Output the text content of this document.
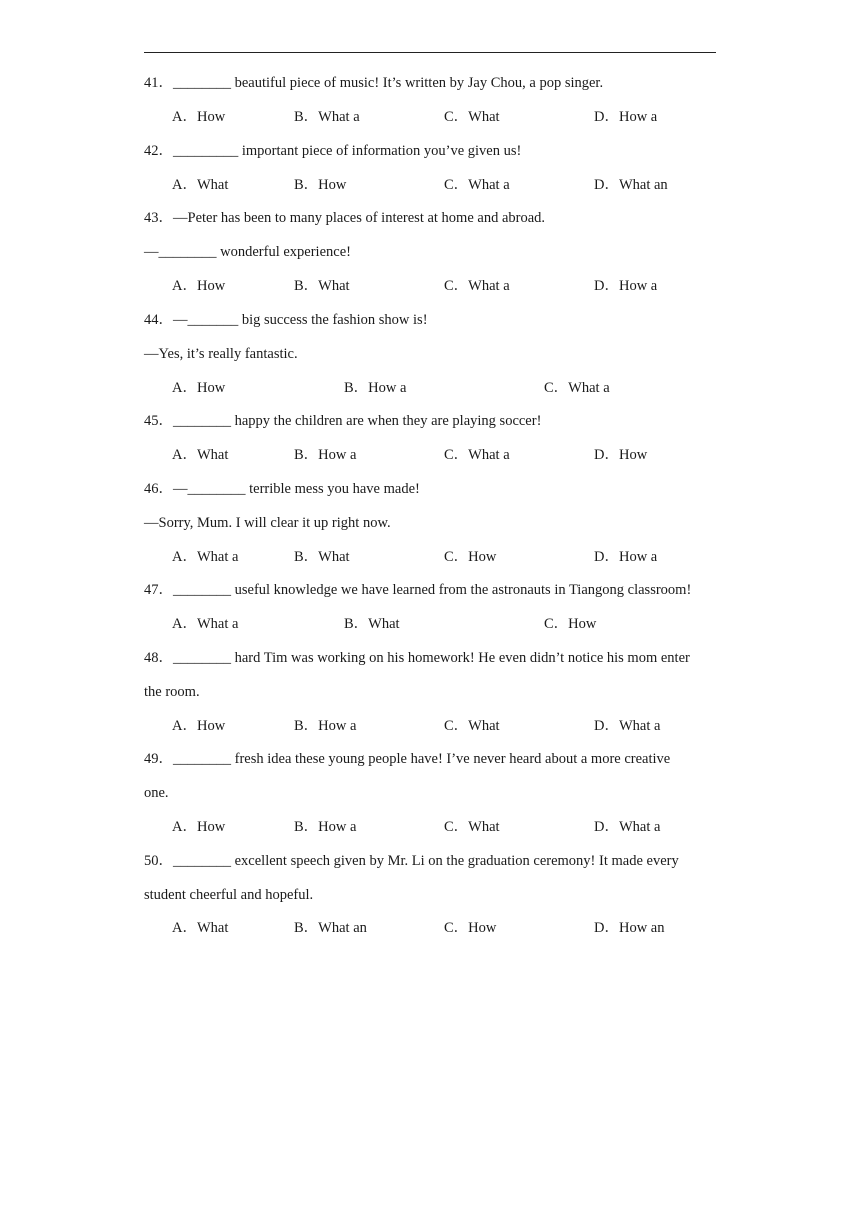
41．________ beautiful piece of music! It’s written by Jay Chou, a pop singer.
A．How	B．What a	C．What	D．How a
42．_________ important piece of information you’ve given us!
A．What	B．How	C．What a	D．What an
43．—Peter has been to many places of interest at home and abroad.
—________ wonderful experience!
A．How	B．What	C．What a	D．How a
44．—_______ big success the fashion show is!
—Yes, it’s really fantastic.
A．How	B．How a	C．What a
45．________ happy the children are when they are playing soccer!
A．What	B．How a	C．What a	D．How
46．—________ terrible mess you have made!
—Sorry, Mum. I will clear it up right now.
A．What a	B．What	C．How	D．How a
47．________ useful knowledge we have learned from the astronauts in Tiangong classroom!
A．What a	B．What	C．How
48．________ hard Tim was working on his homework! He even didn’t notice his mom enter
the room.
A．How	B．How a	C．What	D．What a
49．________ fresh idea these young people have! I’ve never heard about a more creative
one.
A．How	B．How a	C．What	D．What a
50．________ excellent speech given by Mr. Li on the graduation ceremony! It made every
student cheerful and hopeful.
A．What	B．What an	C．How	D．How an
